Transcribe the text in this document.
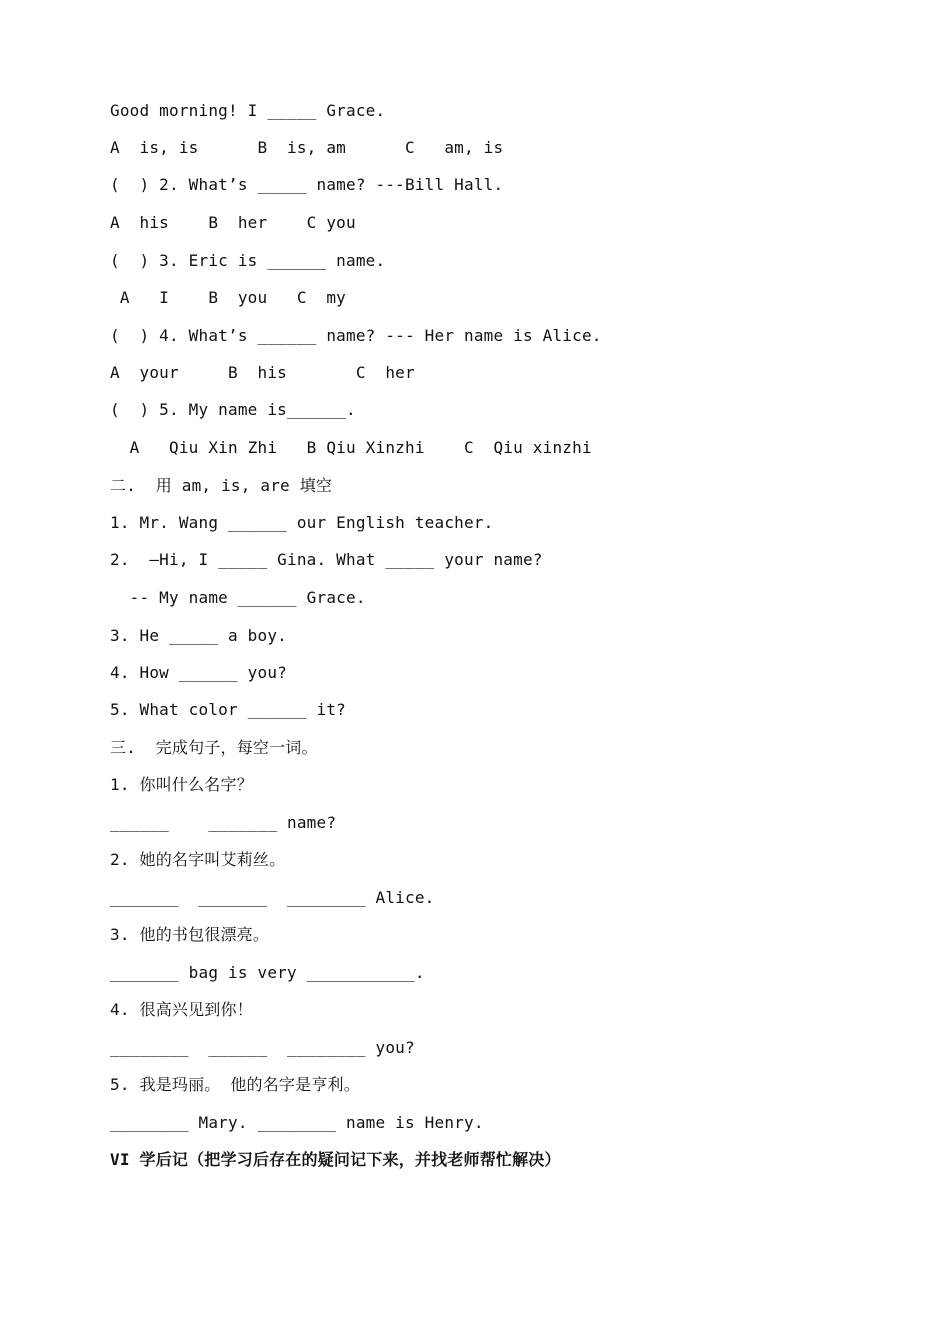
Good morning! I _____ Grace.
A  is, is      B  is, am      C   am, is
(  ) 2. What’s _____ name? ---Bill Hall.
A  his    B  her    C you
(  ) 3. Eric is ______ name.
A   I    B  you   C  my
(  ) 4. What’s ______ name? --- Her name is Alice.
A  your     B  his       C  her
(  ) 5. My name is______.
A   Qiu Xin Zhi   B Qiu Xinzhi    C  Qiu xinzhi
二.  用 am, is, are 填空
1. Mr. Wang ______ our English teacher.
2.  –Hi, I _____ Gina. What _____ your name?
-- My name ______ Grace.
3. He _____ a boy.
4. How ______ you?
5. What color ______ it?
三.  完成句子，每空一词。
1. 你叫什么名字？
______    _______ name?
2. 她的名字叫艾莉丝。
_______  _______  ________ Alice.
3. 他的书包很漂亮。
_______ bag is very ___________.
4. 很高兴见到你！
________  ______  ________ you?
5. 我是玛丽。 他的名字是亨利。
________ Mary. ________ name is Henry.
VI 学后记（把学习后存在的疑问记下来，并找老师帮忙解决）
